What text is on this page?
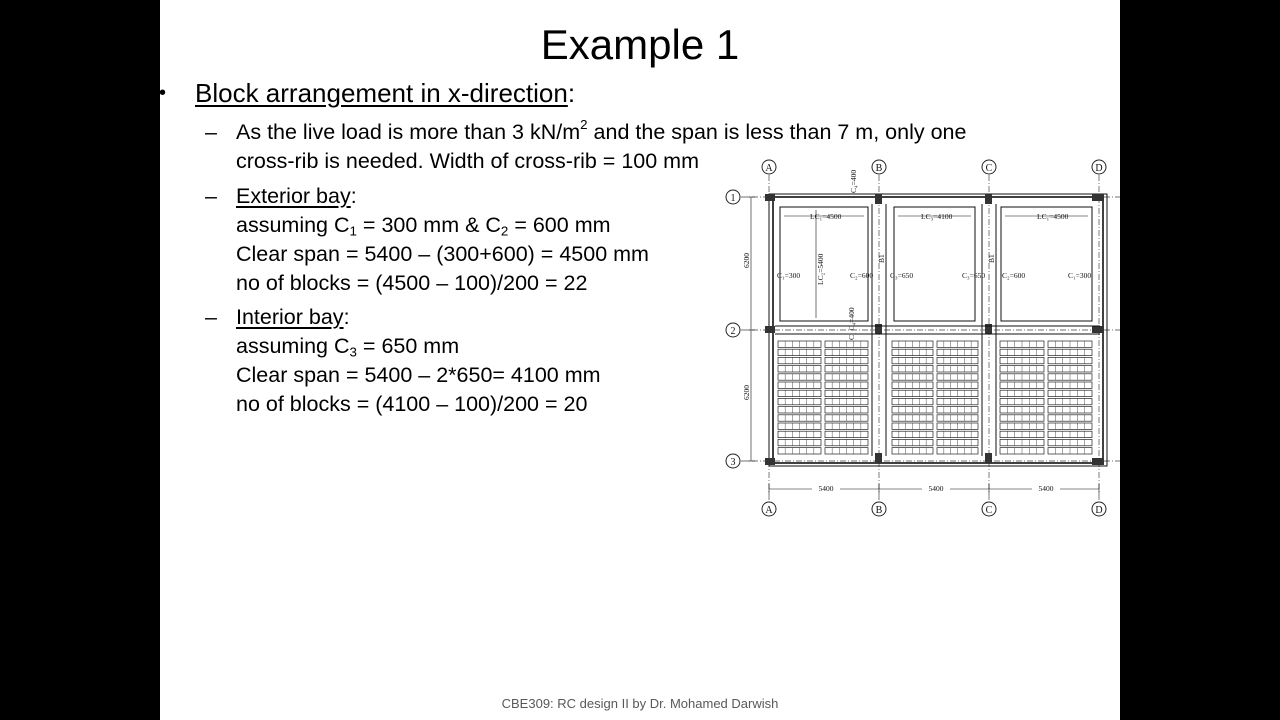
Example 1
• Block arrangement in x-direction:
– As the live load is more than 3 $kN/m^2$ and the span is less than 7 m, only one
cross-rib is needed. Width of cross-rib = 100 mm
– Exterior bay:
assuming $C_1 = 300$ mm & $C_2 = 600$ mm
Clear span = 5400 – (300+600) = 4500 mm
no of blocks = (4500 – 100)/200 = 22
– Interior bay:
assuming $C_3 = 650$ mm
Clear span = 5400 – 2*650= 4100 mm
no of blocks = (4100 – 100)/200 = 20
A	B	C	D
A	B	C	D
1
2
3
LC₁=4500	LC₃=4100	LC₁=4500
C₁=300	C₂=600 C₃=650	C₃=650 C₂=600	C₁=300
B1	B1
LC₂=5400
C₄=400
C₁ C₄=400
6200
6200
5400	5400	5400
CBE309: RC design II by Dr. Mohamed Darwish
